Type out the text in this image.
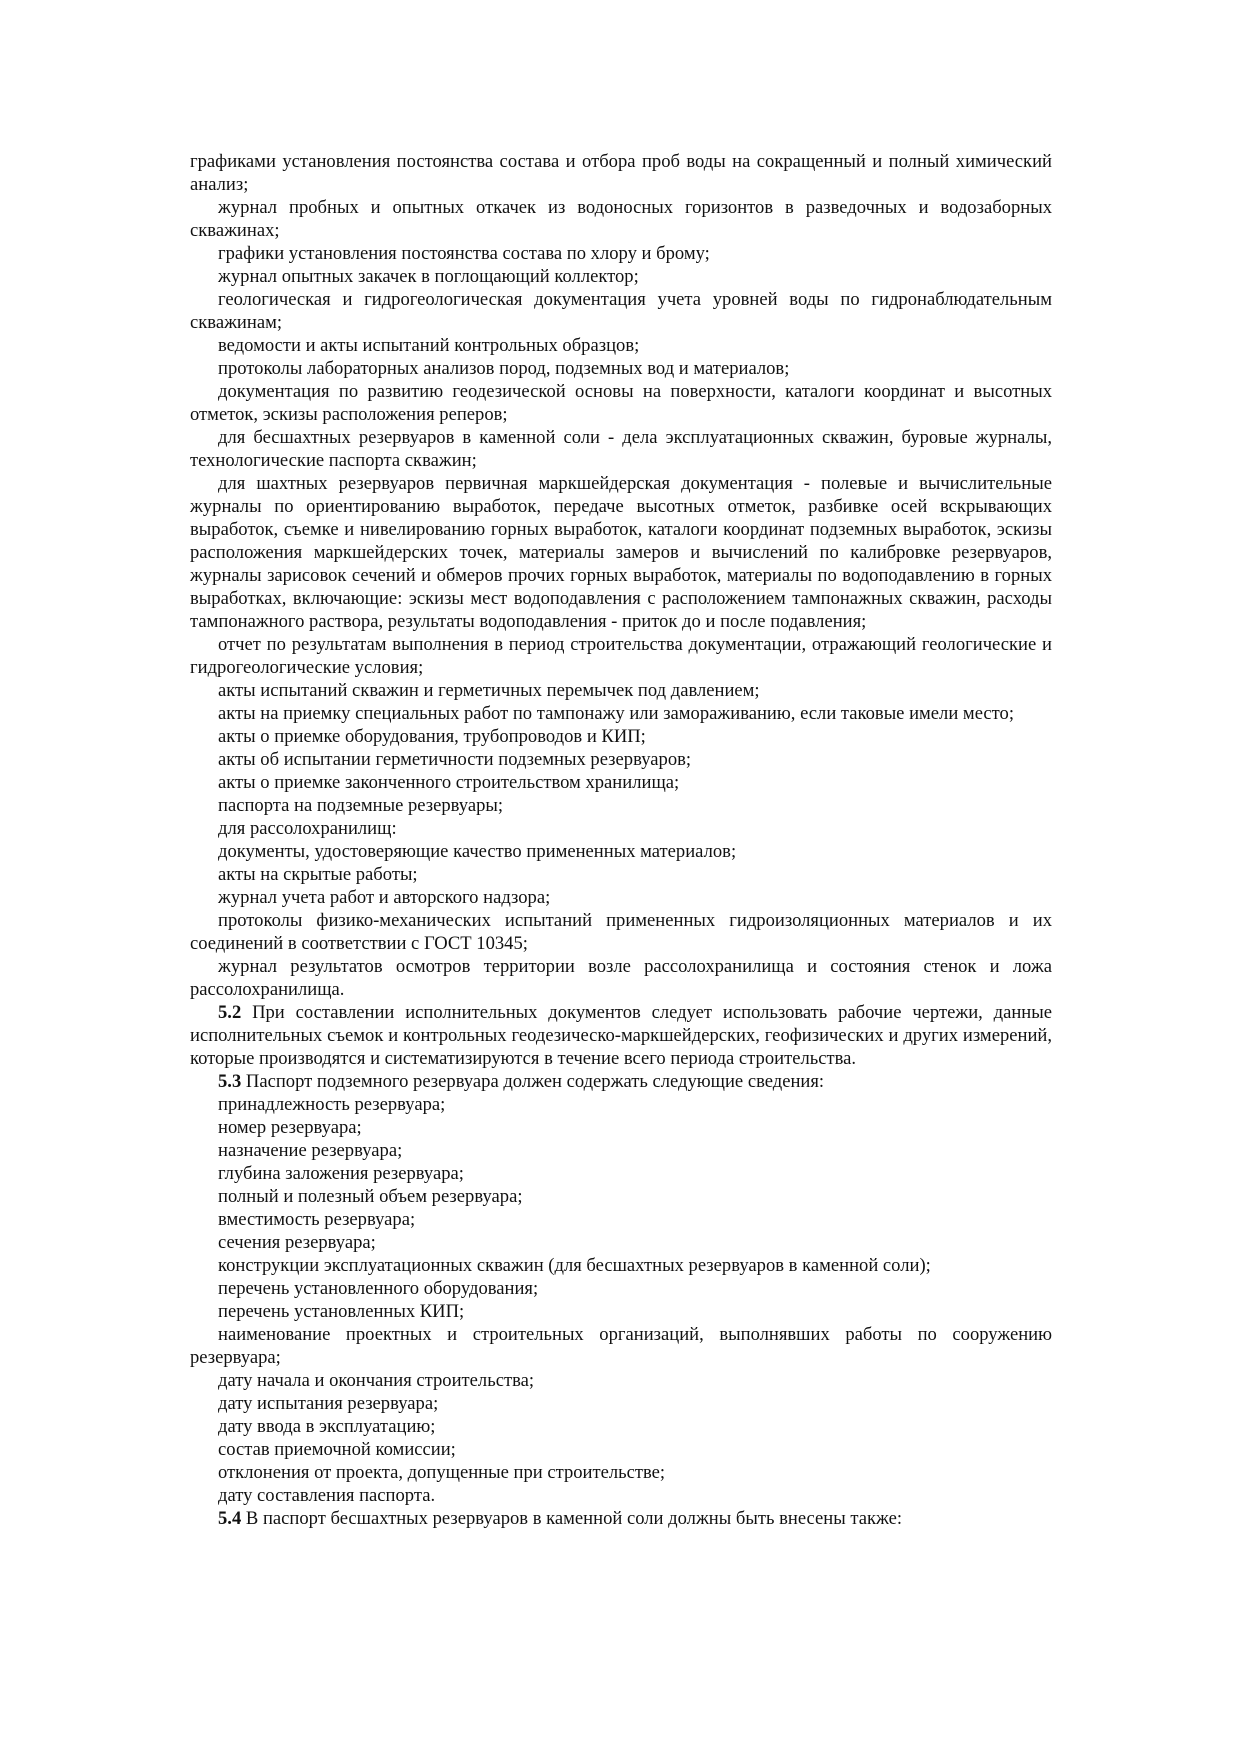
графиками установления постоянства состава и отбора проб воды на сокращенный и полный химический анализ;

журнал пробных и опытных откачек из водоносных горизонтов в разведочных и водозаборных скважинах;

графики установления постоянства состава по хлору и брому;

журнал опытных закачек в поглощающий коллектор;

геологическая и гидрогеологическая документация учета уровней воды по гидронаблюдательным скважинам;

ведомости и акты испытаний контрольных образцов;

протоколы лабораторных анализов пород, подземных вод и материалов;

документация по развитию геодезической основы на поверхности, каталоги координат и высотных отметок, эскизы расположения реперов;

для бесшахтных резервуаров в каменной соли - дела эксплуатационных скважин, буровые журналы, технологические паспорта скважин;

для шахтных резервуаров первичная маркшейдерская документация - полевые и вычислительные журналы по ориентированию выработок, передаче высотных отметок, разбивке осей вскрывающих выработок, съемке и нивелированию горных выработок, каталоги координат подземных выработок, эскизы расположения маркшейдерских точек, материалы замеров и вычислений по калибровке резервуаров, журналы зарисовок сечений и обмеров прочих горных выработок, материалы по водоподавлению в горных выработках, включающие: эскизы мест водоподавления с расположением тампонажных скважин, расходы тампонажного раствора, результаты водоподавления - приток до и после подавления;

отчет по результатам выполнения в период строительства документации, отражающий геологические и гидрогеологические условия;

акты испытаний скважин и герметичных перемычек под давлением;

акты на приемку специальных работ по тампонажу или замораживанию, если таковые имели место;

акты о приемке оборудования, трубопроводов и КИП;

акты об испытании герметичности подземных резервуаров;

акты о приемке законченного строительством хранилища;

паспорта на подземные резервуары;

для рассолохранилищ:

документы, удостоверяющие качество примененных материалов;

акты на скрытые работы;

журнал учета работ и авторского надзора;

протоколы физико-механических испытаний примененных гидроизоляционных материалов и их соединений в соответствии с ГОСТ 10345;

журнал результатов осмотров территории возле рассолохранилища и состояния стенок и ложа рассолохранилища.

5.2 При составлении исполнительных документов следует использовать рабочие чертежи, данные исполнительных съемок и контрольных геодезическо-маркшейдерских, геофизических и других измерений, которые производятся и систематизируются в течение всего периода строительства.

5.3 Паспорт подземного резервуара должен содержать следующие сведения:

принадлежность резервуара;

номер резервуара;

назначение резервуара;

глубина заложения резервуара;

полный и полезный объем резервуара;

вместимость резервуара;

сечения резервуара;

конструкции эксплуатационных скважин (для бесшахтных резервуаров в каменной соли);

перечень установленного оборудования;

перечень установленных КИП;

наименование проектных и строительных организаций, выполнявших работы по сооружению резервуара;

дату начала и окончания строительства;

дату испытания резервуара;

дату ввода в эксплуатацию;

состав приемочной комиссии;

отклонения от проекта, допущенные при строительстве;

дату составления паспорта.

5.4 В паспорт бесшахтных резервуаров в каменной соли должны быть внесены также:
